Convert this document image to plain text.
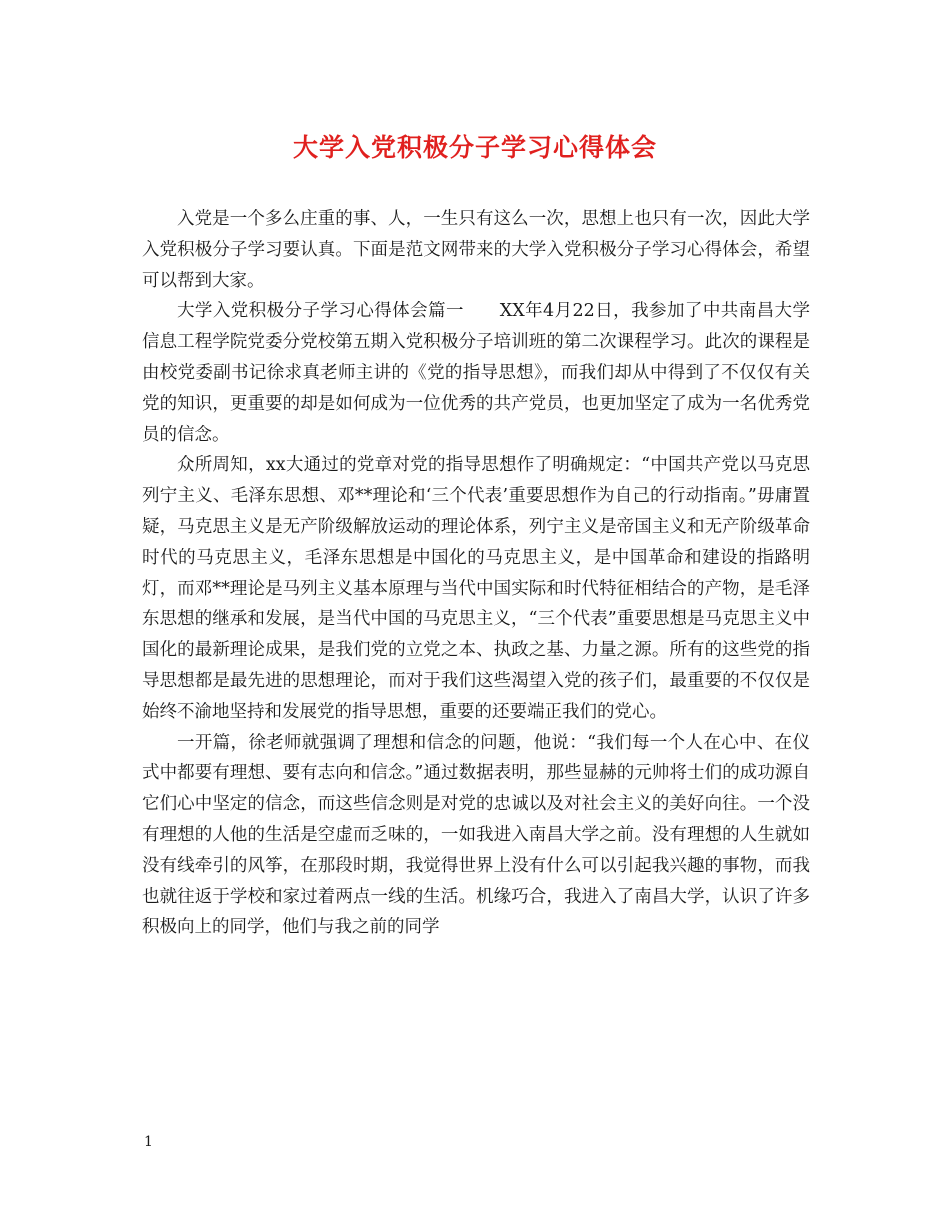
大学入党积极分子学习心得体会

入党是一个多么庄重的事、人，一生只有这么一次，思想上也只有一次，因此大学入党积极分子学习要认真。下面是范文网带来的大学入党积极分子学习心得体会，希望可以帮到大家。

大学入党积极分子学习心得体会篇一　　XX年4月22日，我参加了中共南昌大学信息工程学院党委分党校第五期入党积极分子培训班的第二次课程学习。此次的课程是由校党委副书记徐求真老师主讲的《党的指导思想》，而我们却从中得到了不仅仅有关党的知识，更重要的却是如何成为一位优秀的共产党员，也更加坚定了成为一名优秀党员的信念。

众所周知，xx大通过的党章对党的指导思想作了明确规定：“中国共产党以马克思列宁主义、毛泽东思想、邓**理论和‘三个代表’重要思想作为自己的行动指南。”毋庸置疑，马克思主义是无产阶级解放运动的理论体系，列宁主义是帝国主义和无产阶级革命时代的马克思主义，毛泽东思想是中国化的马克思主义，是中国革命和建设的指路明灯，而邓**理论是马列主义基本原理与当代中国实际和时代特征相结合的产物，是毛泽东思想的继承和发展，是当代中国的马克思主义，“三个代表”重要思想是马克思主义中国化的最新理论成果，是我们党的立党之本、执政之基、力量之源。所有的这些党的指导思想都是最先进的思想理论，而对于我们这些渴望入党的孩子们，最重要的不仅仅是始终不渝地坚持和发展党的指导思想，重要的还要端正我们的党心。

一开篇，徐老师就强调了理想和信念的问题，他说：“我们每一个人在心中、在仪式中都要有理想、要有志向和信念。”通过数据表明，那些显赫的元帅将士们的成功源自它们心中坚定的信念，而这些信念则是对党的忠诚以及对社会主义的美好向往。一个没有理想的人他的生活是空虚而乏味的，一如我进入南昌大学之前。没有理想的人生就如没有线牵引的风筝，在那段时期，我觉得世界上没有什么可以引起我兴趣的事物，而我也就往返于学校和家过着两点一线的生活。机缘巧合，我进入了南昌大学，认识了许多积极向上的同学，他们与我之前的同学

1
